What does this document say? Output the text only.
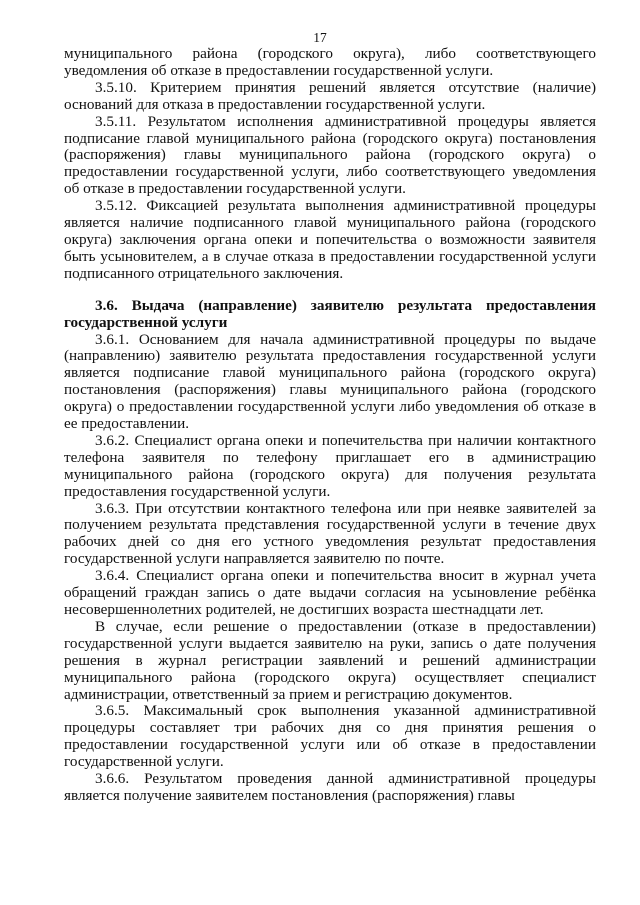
17

муниципального района (городского округа), либо соответствующего уведомления об отказе в предоставлении государственной услуги.

3.5.10. Критерием принятия решений является отсутствие (наличие) оснований для отказа в предоставлении государственной услуги.

3.5.11. Результатом исполнения административной процедуры является подписание главой муниципального района (городского округа) постановления (распоряжения) главы муниципального района (городского округа) о предоставлении государственной услуги, либо соответствующего уведомления об отказе в предоставлении государственной услуги.

3.5.12. Фиксацией результата выполнения административной процедуры является наличие подписанного главой муниципального района (городского округа) заключения органа опеки и попечительства о возможности заявителя быть усыновителем, а в случае отказа в предоставлении государственной услуги подписанного отрицательного заключения.

3.6. Выдача (направление) заявителю результата предоставления государственной услуги

3.6.1. Основанием для начала административной процедуры по выдаче (направлению) заявителю результата предоставления государственной услуги является подписание главой муниципального района (городского округа) постановления (распоряжения) главы муниципального района (городского округа) о предоставлении государственной услуги либо уведомления об отказе в ее предоставлении.

3.6.2. Специалист органа опеки и попечительства при наличии контактного телефона заявителя по телефону приглашает его в администрацию муниципального района (городского округа) для получения результата предоставления государственной услуги.

3.6.3. При отсутствии контактного телефона или при неявке заявителей за получением результата представления государственной услуги в течение двух рабочих дней со дня его устного уведомления результат предоставления государственной услуги направляется заявителю по почте.

3.6.4. Специалист органа опеки и попечительства вносит в журнал учета обращений граждан запись о дате выдачи согласия на усыновление ребёнка несовершеннолетних родителей, не достигших возраста шестнадцати лет.

В случае, если решение о предоставлении (отказе в предоставлении) государственной услуги выдается заявителю на руки, запись о дате получения решения в журнал регистрации заявлений и решений администрации муниципального района (городского округа) осуществляет специалист администрации, ответственный за прием и регистрацию документов.

3.6.5. Максимальный срок выполнения указанной административной процедуры составляет три рабочих дня со дня принятия решения о предоставлении государственной услуги или об отказе в предоставлении государственной услуги.

3.6.6. Результатом проведения данной административной процедуры является получение заявителем постановления (распоряжения) главы
